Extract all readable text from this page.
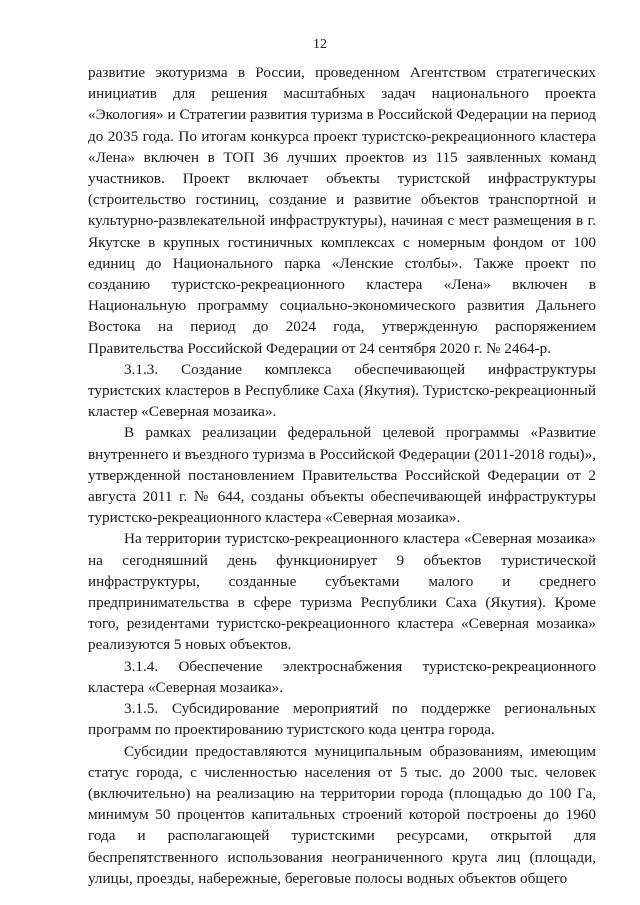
12

развитие экотуризма в России, проведенном Агентством стратегических инициатив для решения масштабных задач национального проекта «Экология» и Стратегии развития туризма в Российской Федерации на период до 2035 года. По итогам конкурса проект туристско-рекреационного кластера «Лена» включен в ТОП 36 лучших проектов из 115 заявленных команд участников. Проект включает объекты туристской инфраструктуры (строительство гостиниц, создание и развитие объектов транспортной и культурно-развлекательной инфраструктуры), начиная с мест размещения в г. Якутске в крупных гостиничных комплексах с номерным фондом от 100 единиц до Национального парка «Ленские столбы». Также проект по созданию туристско-рекреационного кластера «Лена» включен в Национальную программу социально-экономического развития Дальнего Востока на период до 2024 года, утвержденную распоряжением Правительства Российской Федерации от 24 сентября 2020 г. № 2464-р.

3.1.3. Создание комплекса обеспечивающей инфраструктуры туристских кластеров в Республике Саха (Якутия). Туристско-рекреационный кластер «Северная мозаика».

В рамках реализации федеральной целевой программы «Развитие внутреннего и въездного туризма в Российской Федерации (2011-2018 годы)», утвержденной постановлением Правительства Российской Федерации от 2 августа 2011 г. № 644, созданы объекты обеспечивающей инфраструктуры туристско-рекреационного кластера «Северная мозаика».

На территории туристско-рекреационного кластера «Северная мозаика» на сегодняшний день функционирует 9 объектов туристической инфраструктуры, созданные субъектами малого и среднего предпринимательства в сфере туризма Республики Саха (Якутия). Кроме того, резидентами туристско-рекреационного кластера «Северная мозаика» реализуются 5 новых объектов.

3.1.4. Обеспечение электроснабжения туристско-рекреационного кластера «Северная мозаика».

3.1.5. Субсидирование мероприятий по поддержке региональных программ по проектированию туристского кода центра города.

Субсидии предоставляются муниципальным образованиям, имеющим статус города, с численностью населения от 5 тыс. до 2000 тыс. человек (включительно) на реализацию на территории города (площадью до 100 Га, минимум 50 процентов капитальных строений которой построены до 1960 года и располагающей туристскими ресурсами, открытой для беспрепятственного использования неограниченного круга лиц (площади, улицы, проезды, набережные, береговые полосы водных объектов общего
